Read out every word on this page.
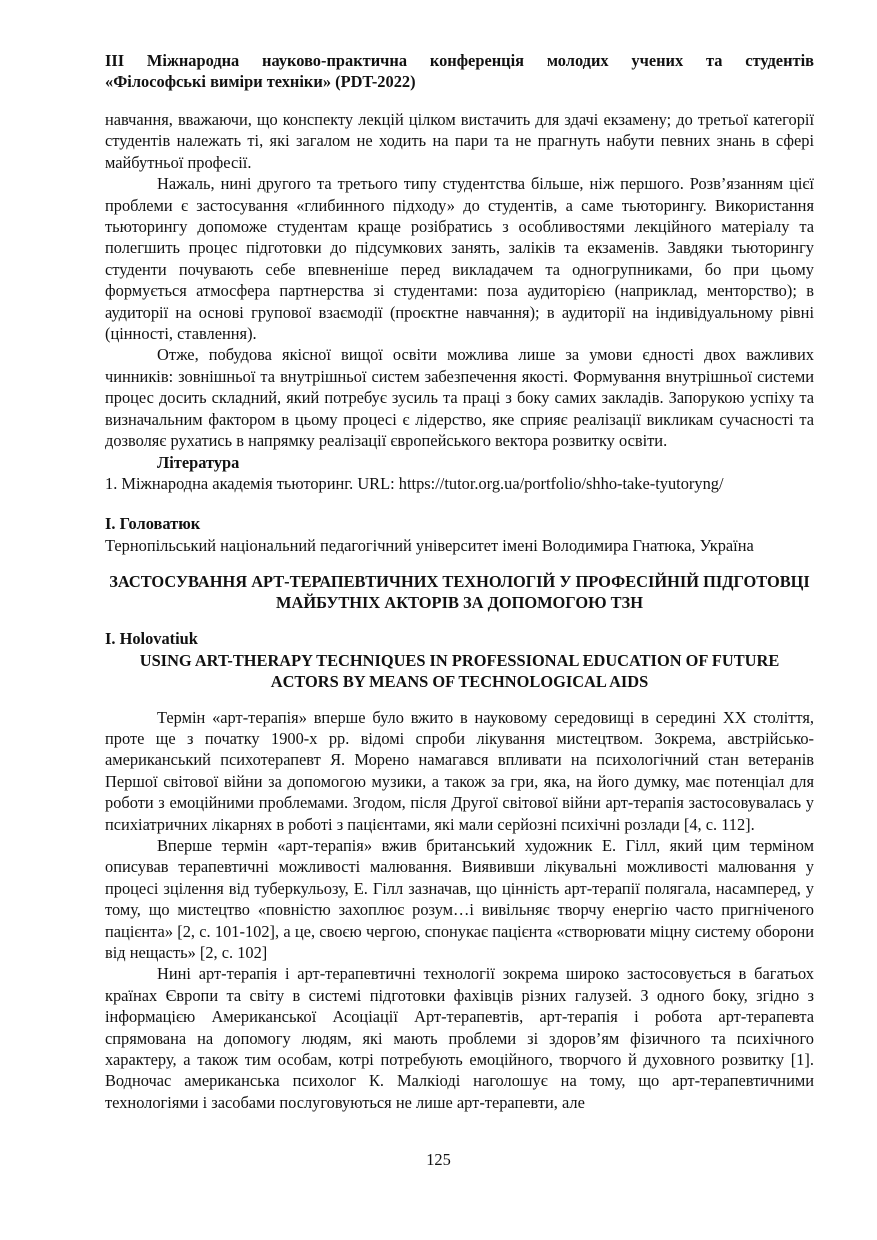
ІІІ Міжнародна науково-практична конференція молодих учених та студентів
«Філософські виміри техніки» (PDT-2022)

навчання, вважаючи, що конспекту лекцій цілком вистачить для здачі екзамену; до третьої категорії студентів належать ті, які загалом не ходить на пари та не прагнуть набути певних знань в сфері майбутньої професії.

Нажаль, нині другого та третього типу студентства більше, ніж першого. Розв’язанням цієї проблеми є застосування «глибинного підходу» до студентів, а саме тьюторингу. Використання тьюторингу допоможе студентам краще розібратись з особливостями лекційного матеріалу та полегшить процес підготовки до підсумкових занять, заліків та екзаменів. Завдяки тьюторингу студенти почувають себе впевненіше перед викладачем та одногрупниками, бо при цьому формується атмосфера партнерства зі студентами: поза аудиторією (наприклад, менторство); в аудиторії на основі групової взаємодії (проєктне навчання); в аудиторії на індивідуальному рівні (цінності, ставлення).

Отже, побудова якісної вищої освіти можлива лише за умови єдності двох важливих чинників: зовнішньої та внутрішньої систем забезпечення якості. Формування внутрішньої системи процес досить складний, який потребує зусиль та праці з боку самих закладів. Запорукою успіху та визначальним фактором в цьому процесі є лідерство, яке сприяє реалізації викликам сучасності та дозволяє рухатись в напрямку реалізації європейського вектора розвитку освіти.

Література
1. Міжнародна академія тьюторинг. URL: https://tutor.org.ua/portfolio/shho-take-tyutoryng/
І. Головатюк
Тернопільський національний педагогічний університет імені Володимира Гнатюка, Україна
ЗАСТОСУВАННЯ АРТ-ТЕРАПЕВТИЧНИХ ТЕХНОЛОГІЙ У ПРОФЕСІЙНІЙ ПІДГОТОВЦІ МАЙБУТНІХ АКТОРІВ ЗА ДОПОМОГОЮ ТЗН
I. Holovatiuk
USING ART-THERAPY TECHNIQUES IN PROFESSIONAL EDUCATION OF FUTURE ACTORS BY MEANS OF TECHNOLOGICAL AIDS

Термін «арт-терапія» вперше було вжито в науковому середовищі в середині ХХ століття, проте ще з початку 1900-х рр. відомі спроби лікування мистецтвом. Зокрема, австрійсько-американський психотерапевт Я. Морено намагався впливати на психологічний стан ветеранів Першої світової війни за допомогою музики, а також за гри, яка, на його думку, має потенціал для роботи з емоційними проблемами. Згодом, після Другої світової війни арт-терапія застосовувалась у психіатричних лікарнях в роботі з пацієнтами, які мали серйозні психічні розлади [4, с. 112].

Вперше термін «арт-терапія» вжив британський художник Е. Гілл, який цим терміном описував терапевтичні можливості малювання. Виявивши лікувальні можливості малювання у процесі зцілення від туберкульозу, Е. Гілл зазначав, що цінність арт-терапії полягала, насамперед, у тому, що мистецтво «повністю захоплює розум…і вивільняє творчу енергію часто пригніченого пацієнта» [2, с. 101-102], а це, своєю чергою, спонукає пацієнта «створювати міцну систему оборони від нещасть» [2, с. 102]

Нині арт-терапія і арт-терапевтичні технології зокрема широко застосовується в багатьох країнах Європи та світу в системі підготовки фахівців різних галузей. З одного боку, згідно з інформацією Американської Асоціації Арт-терапевтів, арт-терапія і робота арт-терапевта спрямована на допомогу людям, які мають проблеми зі здоров’ям фізичного та психічного характеру, а також тим особам, котрі потребують емоційного, творчого й духовного розвитку [1]. Водночас американська психолог К. Малкіоді наголошує на тому, що арт-терапевтичними технологіями і засобами послуговуються не лише арт-терапевти, але

125
